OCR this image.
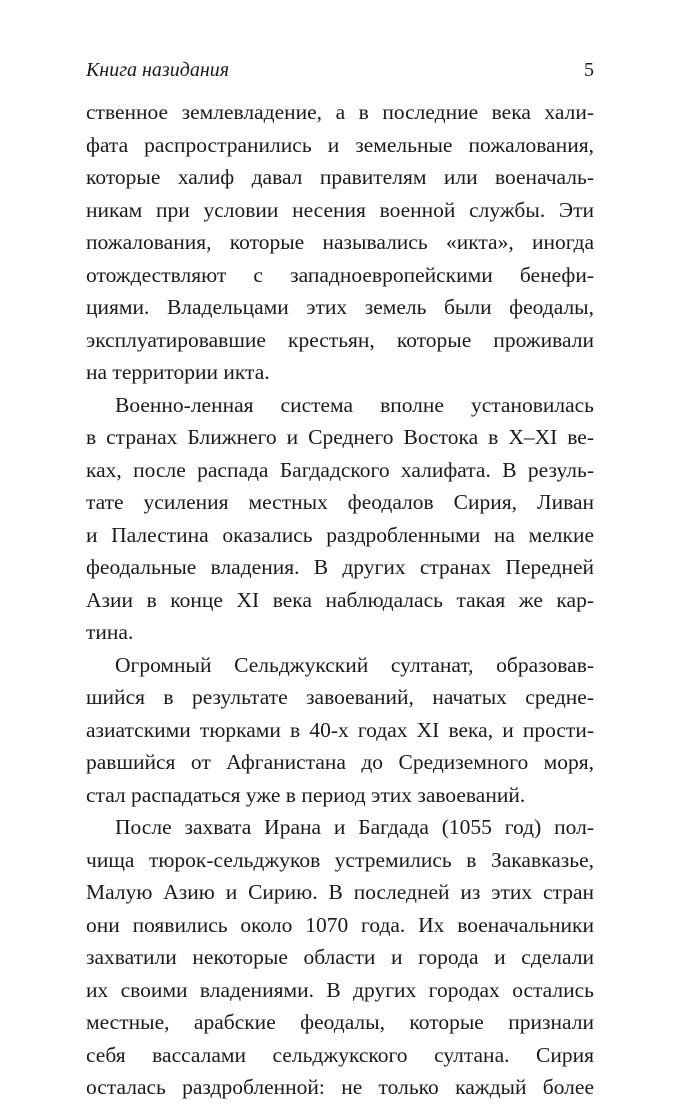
Книга назидания	5
ственное землевладение, а в последние века хали-
фата распространились и земельные пожалования,
которые халиф давал правителям или военачаль-
никам при условии несения военной службы. Эти
пожалования, которые назывались «икта», иногда
отождествляют с западноевропейскими бенефи-
циями. Владельцами этих земель были феодалы,
эксплуатировавшие крестьян, которые проживали
на территории икта.
Военно-ленная система вполне установилась
в странах Ближнего и Среднего Востока в X–XI ве-
ках, после распада Багдадского халифата. В резуль-
тате усиления местных феодалов Сирия, Ливан
и Палестина оказались раздробленными на мелкие
феодальные владения. В других странах Передней
Азии в конце XI века наблюдалась такая же кар-
тина.
Огромный Сельджукский султанат, образовав-
шийся в результате завоеваний, начатых средне-
азиатскими тюрками в 40-х годах XI века, и прости-
равшийся от Афганистана до Средиземного моря,
стал распадаться уже в период этих завоеваний.
После захвата Ирана и Багдада (1055 год) пол-
чища тюрок-сельджуков устремились в Закавказье,
Малую Азию и Сирию. В последней из этих стран
они появились около 1070 года. Их военачальники
захватили некоторые области и города и сделали
их своими владениями. В других городах остались
местные, арабские феодалы, которые признали
себя вассалами сельджукского султана. Сирия
осталась раздробленной: не только каждый более
